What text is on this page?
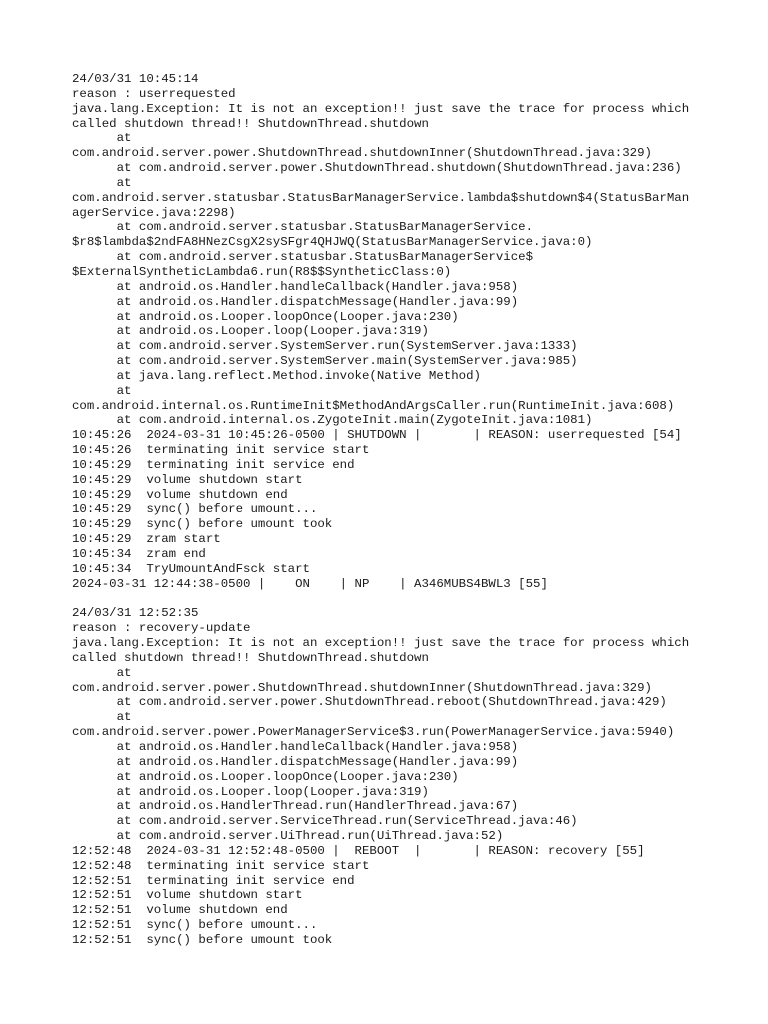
24/03/31 10:45:14
reason : userrequested
java.lang.Exception: It is not an exception!! just save the trace for process which
called shutdown thread!! ShutdownThread.shutdown
at
com.android.server.power.ShutdownThread.shutdownInner(ShutdownThread.java:329)
at com.android.server.power.ShutdownThread.shutdown(ShutdownThread.java:236)
at
com.android.server.statusbar.StatusBarManagerService.lambda$shutdown$4(StatusBarMan
agerService.java:2298)
at com.android.server.statusbar.StatusBarManagerService.
$r8$lambda$2ndFA8HNezCsgX2sySFgr4QHJWQ(StatusBarManagerService.java:0)
at com.android.server.statusbar.StatusBarManagerService$
$ExternalSyntheticLambda6.run(R8$$SyntheticClass:0)
at android.os.Handler.handleCallback(Handler.java:958)
at android.os.Handler.dispatchMessage(Handler.java:99)
at android.os.Looper.loopOnce(Looper.java:230)
at android.os.Looper.loop(Looper.java:319)
at com.android.server.SystemServer.run(SystemServer.java:1333)
at com.android.server.SystemServer.main(SystemServer.java:985)
at java.lang.reflect.Method.invoke(Native Method)
at
com.android.internal.os.RuntimeInit$MethodAndArgsCaller.run(RuntimeInit.java:608)
at com.android.internal.os.ZygoteInit.main(ZygoteInit.java:1081)
10:45:26  2024-03-31 10:45:26-0500 | SHUTDOWN |       | REASON: userrequested [54]
10:45:26  terminating init service start
10:45:29  terminating init service end
10:45:29  volume shutdown start
10:45:29  volume shutdown end
10:45:29  sync() before umount...
10:45:29  sync() before umount took
10:45:29  zram start
10:45:34  zram end
10:45:34  TryUmountAndFsck start
2024-03-31 12:44:38-0500 |    ON    | NP    | A346MUBS4BWL3 [55]
24/03/31 12:52:35
reason : recovery-update
java.lang.Exception: It is not an exception!! just save the trace for process which
called shutdown thread!! ShutdownThread.shutdown
at
com.android.server.power.ShutdownThread.shutdownInner(ShutdownThread.java:329)
at com.android.server.power.ShutdownThread.reboot(ShutdownThread.java:429)
at
com.android.server.power.PowerManagerService$3.run(PowerManagerService.java:5940)
at android.os.Handler.handleCallback(Handler.java:958)
at android.os.Handler.dispatchMessage(Handler.java:99)
at android.os.Looper.loopOnce(Looper.java:230)
at android.os.Looper.loop(Looper.java:319)
at android.os.HandlerThread.run(HandlerThread.java:67)
at com.android.server.ServiceThread.run(ServiceThread.java:46)
at com.android.server.UiThread.run(UiThread.java:52)
12:52:48  2024-03-31 12:52:48-0500 |  REBOOT  |       | REASON: recovery [55]
12:52:48  terminating init service start
12:52:51  terminating init service end
12:52:51  volume shutdown start
12:52:51  volume shutdown end
12:52:51  sync() before umount...
12:52:51  sync() before umount took
